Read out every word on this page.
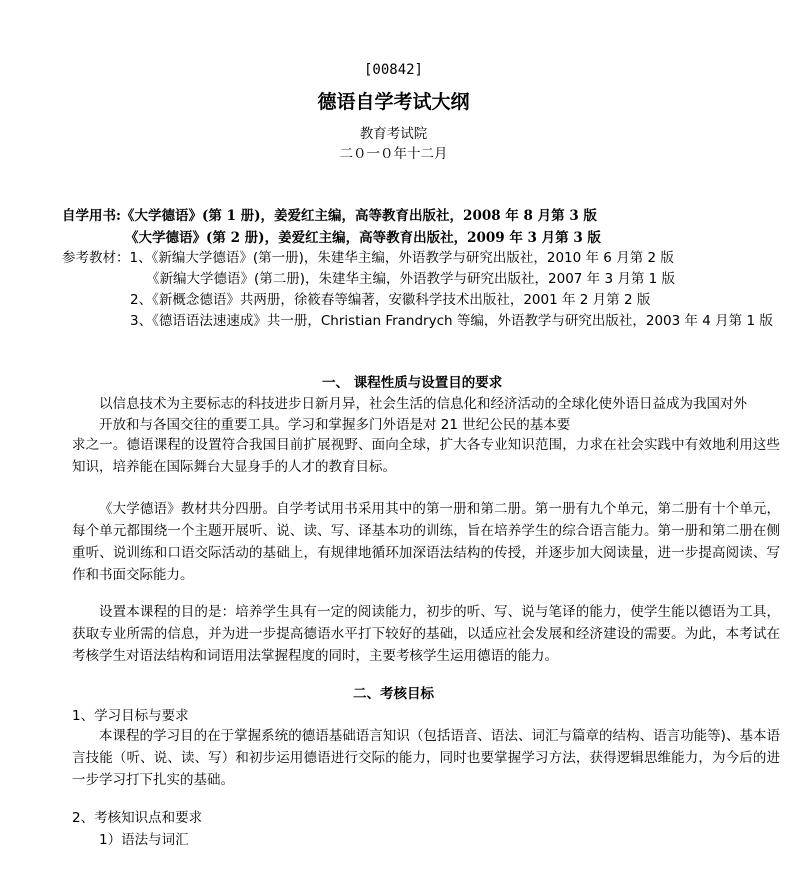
[00842]
德语自学考试大纲
教育考试院
二０一０年十二月
自学用书:《大学德语》(第 1 册)，姜爱红主编，高等教育出版社，2008 年 8 月第 3 版
《大学德语》(第 2 册)，姜爱红主编，高等教育出版社，2009 年 3 月第 3 版
参考教材：1、《新编大学德语》(第一册)，朱建华主编，外语教学与研究出版社，2010 年 6 月第 2 版
《新编大学德语》(第二册)，朱建华主编，外语教学与研究出版社，2007 年 3 月第 1 版
2、《新概念德语》共两册，徐筱春等编著，安徽科学技术出版社，2001 年 2 月第 2 版
3、《德语语法速速成》共一册，Christian Frandrych 等编，外语教学与研究出版社，2003 年 4 月第 1 版
一、 课程性质与设置目的要求
以信息技术为主要标志的科技进步日新月异，社会生活的信息化和经济活动的全球化使外语日益成为我国对外
开放和与各国交往的重要工具。学习和掌握多门外语是对 21 世纪公民的基本要
求之一。德语课程的设置符合我国目前扩展视野、面向全球，扩大各专业知识范围，力求在社会实践中有效地利用这些知识，培养能在国际舞台大显身手的人才的教育目标。
《大学德语》教材共分四册。自学考试用书采用其中的第一册和第二册。第一册有九个单元，第二册有十个单元，每个单元都围绕一个主题开展听、说、读、写、译基本功的训练，旨在培养学生的综合语言能力。第一册和第二册在侧重听、说训练和口语交际活动的基础上，有规律地循环加深语法结构的传授，并逐步加大阅读量，进一步提高阅读、写作和书面交际能力。
设置本课程的目的是：培养学生具有一定的阅读能力，初步的听、写、说与笔译的能力，使学生能以德语为工具，获取专业所需的信息，并为进一步提高德语水平打下较好的基础，以适应社会发展和经济建设的需要。为此，本考试在考核学生对语法结构和词语用法掌握程度的同时，主要考核学生运用德语的能力。
二、考核目标
1、学习目标与要求
本课程的学习目的在于掌握系统的德语基础语言知识（包括语音、语法、词汇与篇章的结构、语言功能等)、基本语言技能（听、说、读、写）和初步运用德语进行交际的能力，同时也要掌握学习方法，获得逻辑思维能力，为今后的进一步学习打下扎实的基础。
2、考核知识点和要求
1）语法与词汇
